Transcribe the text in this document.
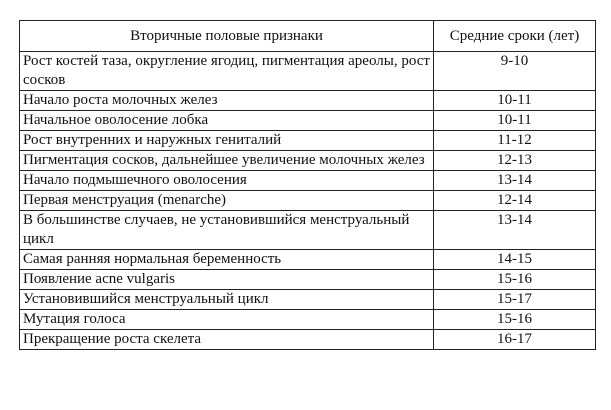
Вторичные половые признаки	Средние сроки (лет)
Рост костей таза, округление ягодиц, пигментация ареолы, рост сосков	9-10
Начало роста молочных желез	10-11
Начальное оволосение лобка	10-11
Рост внутренних и наружных гениталий	11-12
Пигментация сосков, дальнейшее увеличение молочных желез	12-13
Начало подмышечного оволосения	13-14
Первая менструация (menarche)	12-14
В большинстве случаев, не установившийся менструальный цикл	13-14
Самая ранняя нормальная беременность	14-15
Появление acne vulgaris	15-16
Установившийся менструальный цикл	15-17
Мутация голоса	15-16
Прекращение роста скелета	16-17
